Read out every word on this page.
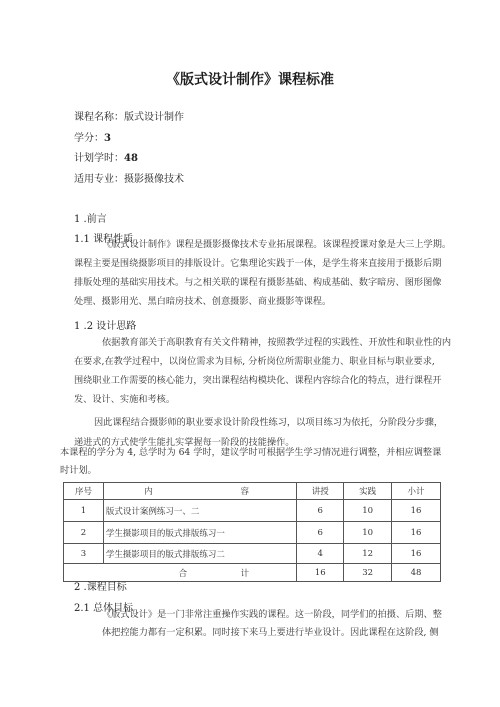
《版式设计制作》课程标准
课程名称：版式设计制作
学分：3
计划学时：48
适用专业：摄影摄像技术
1 .前言
1.1 课程性质
《版式设计制作》课程是摄影摄像技术专业拓展课程。该课程授课对象是大三上学期。
课程主要是围绕摄影项目的排版设计。它集理论实践于一体，是学生将来直接用于摄影后期
排版处理的基础实用技术。与之相关联的课程有摄影基础、构成基础、数字暗房、图形图像
处理、摄影用光、黑白暗房技术、创意摄影、商业摄影等课程。
1 .2 设计思路
依据教育部关于高职教育有关文件精神，按照教学过程的实践性、开放性和职业性的内
在要求,在教学过程中，以岗位需求为目标, 分析岗位所需职业能力、职业目标与职业要求,
围绕职业工作需要的核心能力，突出课程结构模块化、课程内容综合化的特点，进行课程开
发、设计、实施和考核。
因此课程结合摄影师的职业要求设计阶段性练习，以项目练习为依托，分阶段分步骤，
递进式的方式使学生能扎实掌握每一阶段的技能操作。
本课程的学分为 4, 总学时为 64 学时，建议学时可根据学生学习情况进行调整，并相应调整课
时计划。
序号	内	容	讲授	实践	小计
1	版式设计案例练习一、二		6	10	16
2	学生摄影项目的版式排版练习一		6	10	16
3	学生摄影项目的版式排版练习二		4	12	16
合		计	16	32	48
2 .课程目标
2.1 总体目标
《版式设计》是一门非常注重操作实践的课程。这一阶段，同学们的拍摄、后期、整
体把控能力都有一定积累。同时接下来马上要进行毕业设计。因此课程在这阶段, 侧
